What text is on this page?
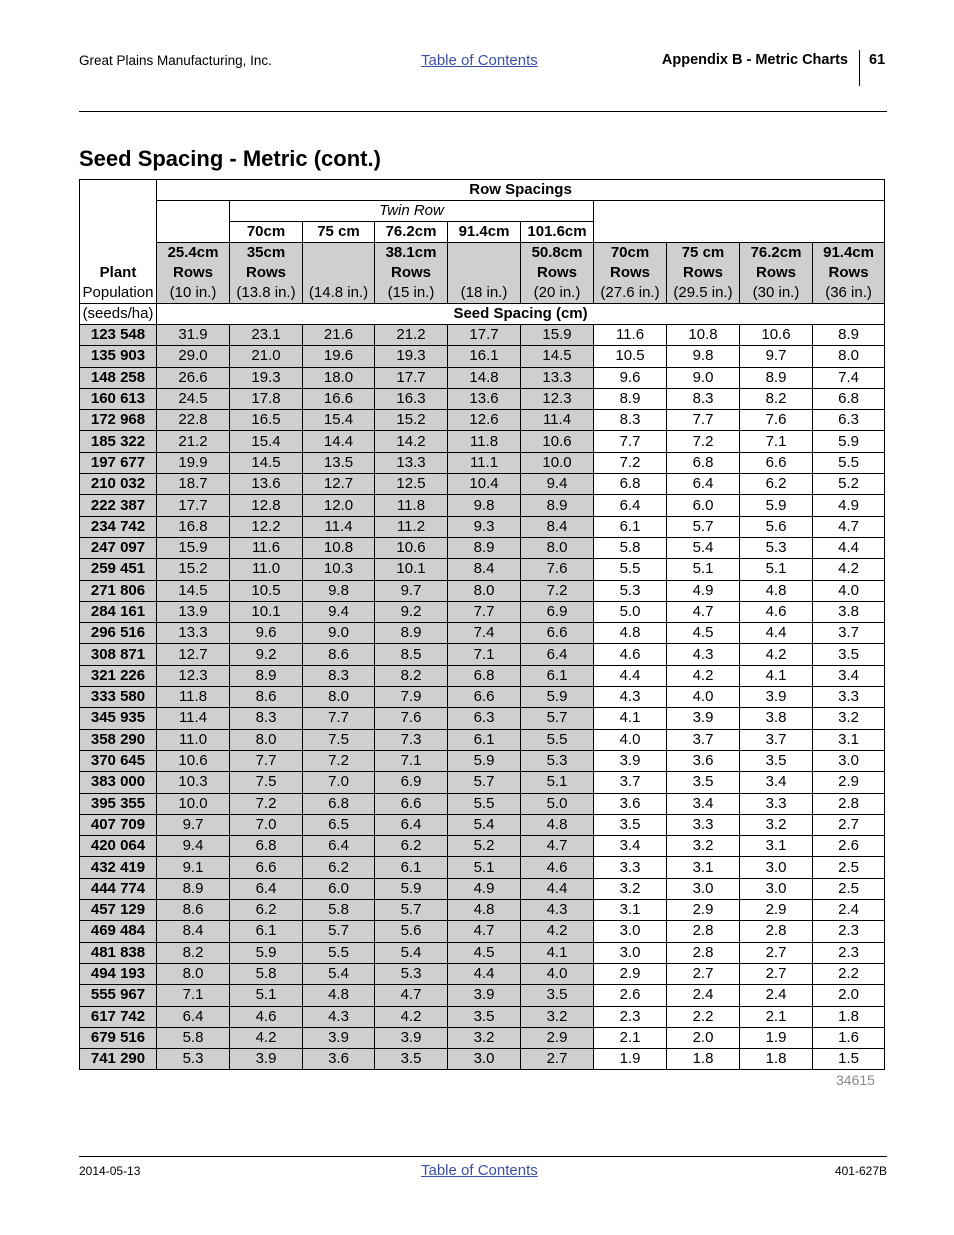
Great Plains Manufacturing, Inc.	Table of Contents	Appendix B - Metric Charts 61
Seed Spacing - Metric (cont.)
	Row Spacings									
		Twin Row								
		70cm	75 cm	76.2cm	91.4cm	101.6cm				
	25.4cm	35cm		38.1cm		50.8cm	70cm	75 cm	76.2cm	91.4cm
Plant	Rows	Rows		Rows		Rows	Rows	Rows	Rows	Rows
Population	(10 in.)	(13.8 in.)	(14.8 in.)	(15 in.)	(18 in.)	(20 in.)	(27.6 in.)	(29.5 in.)	(30 in.)	(36 in.)
(seeds/ha)	Seed Spacing (cm)									
123 548	31.9	23.1	21.6	21.2	17.7	15.9	11.6	10.8	10.6	8.9
135 903	29.0	21.0	19.6	19.3	16.1	14.5	10.5	9.8	9.7	8.0
148 258	26.6	19.3	18.0	17.7	14.8	13.3	9.6	9.0	8.9	7.4
160 613	24.5	17.8	16.6	16.3	13.6	12.3	8.9	8.3	8.2	6.8
172 968	22.8	16.5	15.4	15.2	12.6	11.4	8.3	7.7	7.6	6.3
185 322	21.2	15.4	14.4	14.2	11.8	10.6	7.7	7.2	7.1	5.9
197 677	19.9	14.5	13.5	13.3	11.1	10.0	7.2	6.8	6.6	5.5
210 032	18.7	13.6	12.7	12.5	10.4	9.4	6.8	6.4	6.2	5.2
222 387	17.7	12.8	12.0	11.8	9.8	8.9	6.4	6.0	5.9	4.9
234 742	16.8	12.2	11.4	11.2	9.3	8.4	6.1	5.7	5.6	4.7
247 097	15.9	11.6	10.8	10.6	8.9	8.0	5.8	5.4	5.3	4.4
259 451	15.2	11.0	10.3	10.1	8.4	7.6	5.5	5.1	5.1	4.2
271 806	14.5	10.5	9.8	9.7	8.0	7.2	5.3	4.9	4.8	4.0
284 161	13.9	10.1	9.4	9.2	7.7	6.9	5.0	4.7	4.6	3.8
296 516	13.3	9.6	9.0	8.9	7.4	6.6	4.8	4.5	4.4	3.7
308 871	12.7	9.2	8.6	8.5	7.1	6.4	4.6	4.3	4.2	3.5
321 226	12.3	8.9	8.3	8.2	6.8	6.1	4.4	4.2	4.1	3.4
333 580	11.8	8.6	8.0	7.9	6.6	5.9	4.3	4.0	3.9	3.3
345 935	11.4	8.3	7.7	7.6	6.3	5.7	4.1	3.9	3.8	3.2
358 290	11.0	8.0	7.5	7.3	6.1	5.5	4.0	3.7	3.7	3.1
370 645	10.6	7.7	7.2	7.1	5.9	5.3	3.9	3.6	3.5	3.0
383 000	10.3	7.5	7.0	6.9	5.7	5.1	3.7	3.5	3.4	2.9
395 355	10.0	7.2	6.8	6.6	5.5	5.0	3.6	3.4	3.3	2.8
407 709	9.7	7.0	6.5	6.4	5.4	4.8	3.5	3.3	3.2	2.7
420 064	9.4	6.8	6.4	6.2	5.2	4.7	3.4	3.2	3.1	2.6
432 419	9.1	6.6	6.2	6.1	5.1	4.6	3.3	3.1	3.0	2.5
444 774	8.9	6.4	6.0	5.9	4.9	4.4	3.2	3.0	3.0	2.5
457 129	8.6	6.2	5.8	5.7	4.8	4.3	3.1	2.9	2.9	2.4
469 484	8.4	6.1	5.7	5.6	4.7	4.2	3.0	2.8	2.8	2.3
481 838	8.2	5.9	5.5	5.4	4.5	4.1	3.0	2.8	2.7	2.3
494 193	8.0	5.8	5.4	5.3	4.4	4.0	2.9	2.7	2.7	2.2
555 967	7.1	5.1	4.8	4.7	3.9	3.5	2.6	2.4	2.4	2.0
617 742	6.4	4.6	4.3	4.2	3.5	3.2	2.3	2.2	2.1	1.8
679 516	5.8	4.2	3.9	3.9	3.2	2.9	2.1	2.0	1.9	1.6
741 290	5.3	3.9	3.6	3.5	3.0	2.7	1.9	1.8	1.8	1.5
34615
2014-05-13	Table of Contents	401-627B
